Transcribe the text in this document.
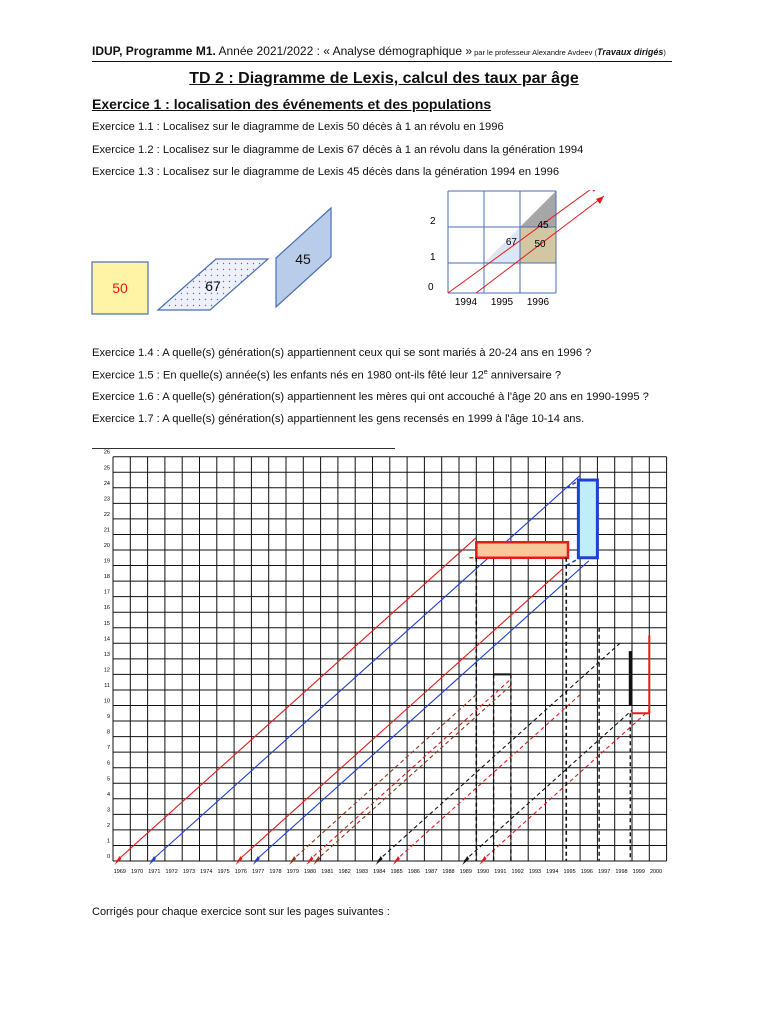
IDUP, Programme M1. Année 2021/2022 : « Analyse démographique » par le professeur Alexandre Avdeev (Travaux dirigés)
TD 2 : Diagramme de Lexis, calcul des taux par âge
Exercice 1 : localisation des événements et des populations
Exercice 1.1 : Localisez sur le diagramme de Lexis 50 décès à 1 an révolu en 1996
Exercice 1.2 : Localisez sur le diagramme de Lexis 67 décès à 1 an révolu dans la génération 1994
Exercice 1.3 : Localisez sur le diagramme de Lexis 45 décès dans la génération 1994 en 1996
50	67
45
2
1
0
1994 1995 1996
67
45
50
Exercice 1.4 : A quelle(s) génération(s) appartiennent ceux qui se sont mariés à 20-24 ans en 1996 ?
Exercice 1.5 : En quelle(s) année(s) les enfants nés en 1980 ont-ils fêté leur 12e anniversaire ?
Exercice 1.6 : A quelle(s) génération(s) appartiennent les mères qui ont accouché à l'âge 20 ans en 1990-1995 ?
Exercice 1.7 : A quelle(s) génération(s) appartiennent les gens recensés en 1999 à l'âge 10-14 ans.
1969 1970 1971 1972 1973 1974 1975 1976 1977 1978 1979 1980 1981 1982 1983 1984 1985 1986 1987 1988 1989 1990 1991 1992 1993 1994 1995 1996 1997 1998 1999 2000
0
1
2
3
4
5
6
7
8
9
10
11
12
13
14
15
16
17
18
19
20
21
22
23
24
25
26
Corrigés pour chaque exercice sont sur les pages suivantes :
